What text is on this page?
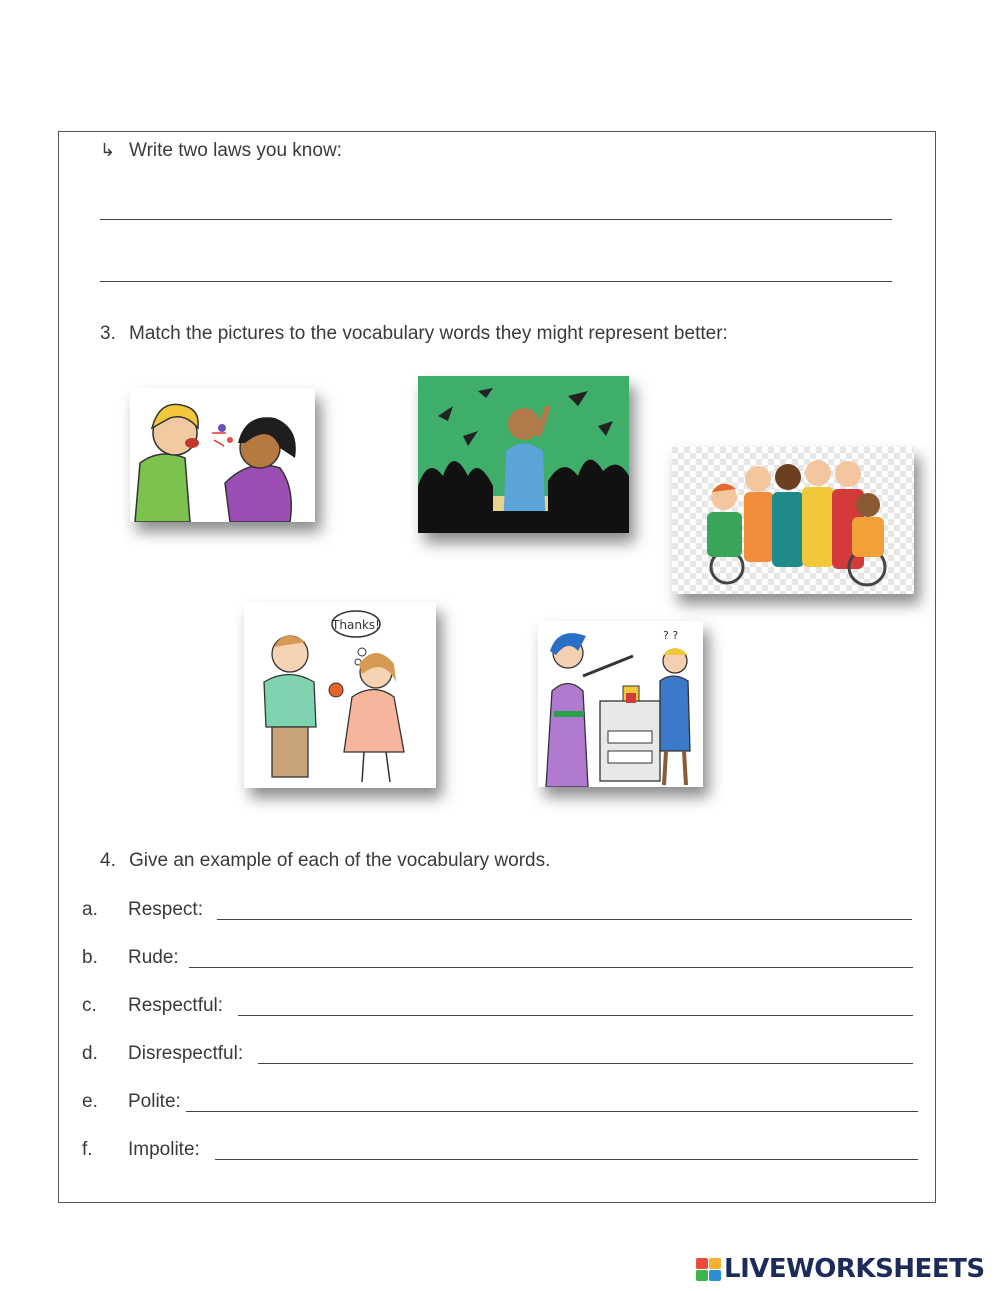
↳ Write two laws you know:
3. Match the pictures to the vocabulary words they might represent better:
Thanks!
? ?
4. Give an example of each of the vocabulary words.
a. Respect:
b. Rude:
c. Respectful:
d. Disrespectful:
e. Polite:
f. Impolite:
LIVEWORKSHEETS
